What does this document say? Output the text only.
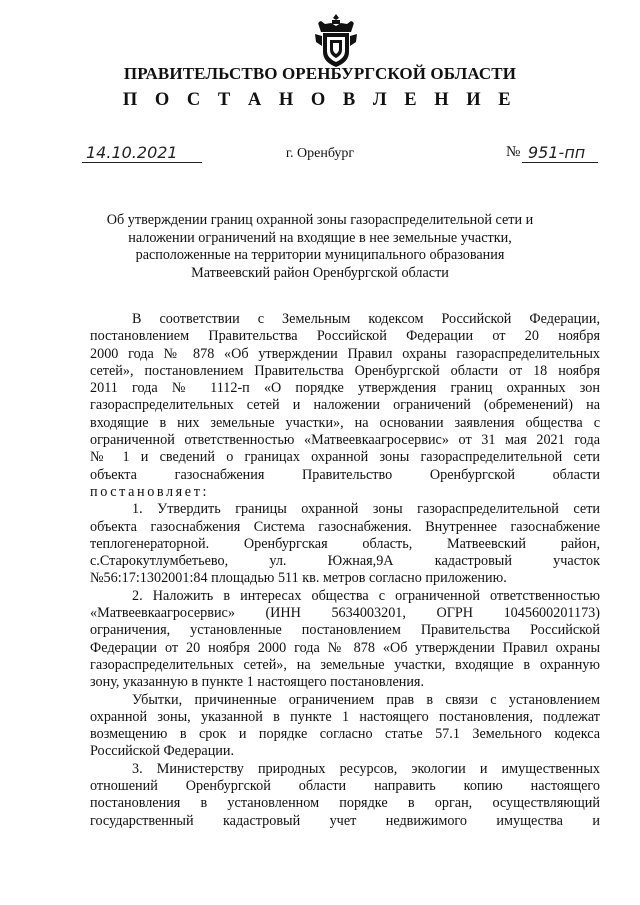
ПРАВИТЕЛЬСТВО ОРЕНБУРГСКОЙ ОБЛАСТИ
П О С Т А Н О В Л Е Н И Е
14.10.2021	г. Оренбург	№ 951-пп
Об утверждении границ охранной зоны газораспределительной сети и
наложении ограничений на входящие в нее земельные участки,
расположенные на территории муниципального образования
Матвеевский район Оренбургской области
В соответствии с Земельным кодексом Российской Федерации,
постановлением Правительства Российской Федерации от 20 ноября
2000 года № 878 «Об утверждении Правил охраны газораспределительных
сетей», постановлением Правительства Оренбургской области от 18 ноября
2011 года № 1112-п «О порядке утверждения границ охранных зон
газораспределительных сетей и наложении ограничений (обременений) на
входящие в них земельные участки», на основании заявления общества с
ограниченной ответственностью «Матвеевкаагросервис» от 31 мая 2021 года
№ 1 и сведений о границах охранной зоны газораспределительной сети
объекта газоснабжения Правительство Оренбургской области
постановляет:
1. Утвердить границы охранной зоны газораспределительной сети
объекта газоснабжения Система газоснабжения. Внутреннее газоснабжение
теплогенераторной. Оренбургская область, Матвеевский район,
с.Старокутлумбетьево, ул. Южная,9А кадастровый участок
№56:17:1302001:84 площадью 511 кв. метров согласно приложению.
2. Наложить в интересах общества с ограниченной ответственностью
«Матвеевкаагросервис» (ИНН 5634003201, ОГРН 1045600201173)
ограничения, установленные постановлением Правительства Российской
Федерации от 20 ноября 2000 года № 878 «Об утверждении Правил охраны
газораспределительных сетей», на земельные участки, входящие в охранную
зону, указанную в пункте 1 настоящего постановления.
Убытки, причиненные ограничением прав в связи с установлением
охранной зоны, указанной в пункте 1 настоящего постановления, подлежат
возмещению в срок и порядке согласно статье 57.1 Земельного кодекса
Российской Федерации.
3. Министерству природных ресурсов, экологии и имущественных
отношений Оренбургской области направить копию настоящего
постановления в установленном порядке в орган, осуществляющий
государственный кадастровый учет недвижимого имущества и
